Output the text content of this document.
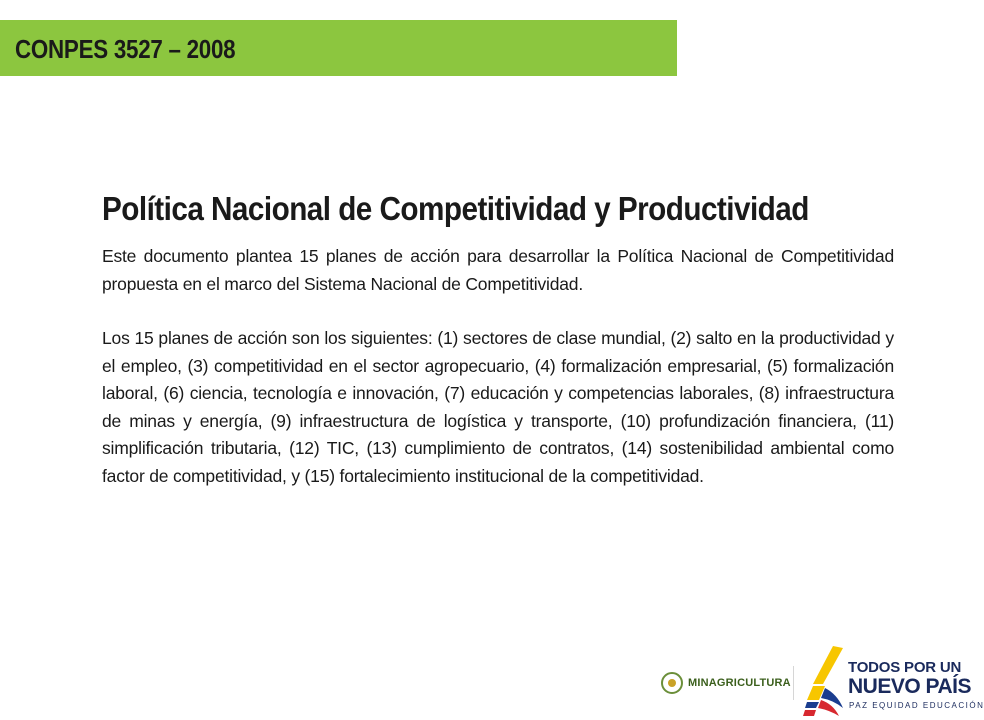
CONPES 3527 – 2008
Política Nacional de Competitividad y Productividad

Este documento plantea 15 planes de acción para desarrollar la Política Nacional de Competitividad propuesta en el marco del Sistema Nacional de Competitividad.

Los 15 planes de acción son los siguientes: (1) sectores de clase mundial, (2) salto en la productividad y el empleo, (3) competitividad en el sector agropecuario, (4) formalización empresarial, (5) formalización laboral, (6) ciencia, tecnología e innovación, (7) educación y competencias laborales, (8) infraestructura de minas y energía, (9) infraestructura de logística y transporte, (10) profundización financiera, (11) simplificación tributaria, (12) TIC, (13) cumplimiento de contratos, (14) sostenibilidad ambiental como factor de competitividad, y (15) fortalecimiento institucional de la competitividad.

MINAGRICULTURA
TODOS POR UN
NUEVO PAÍS
PAZ EQUIDAD EDUCACIÓN
